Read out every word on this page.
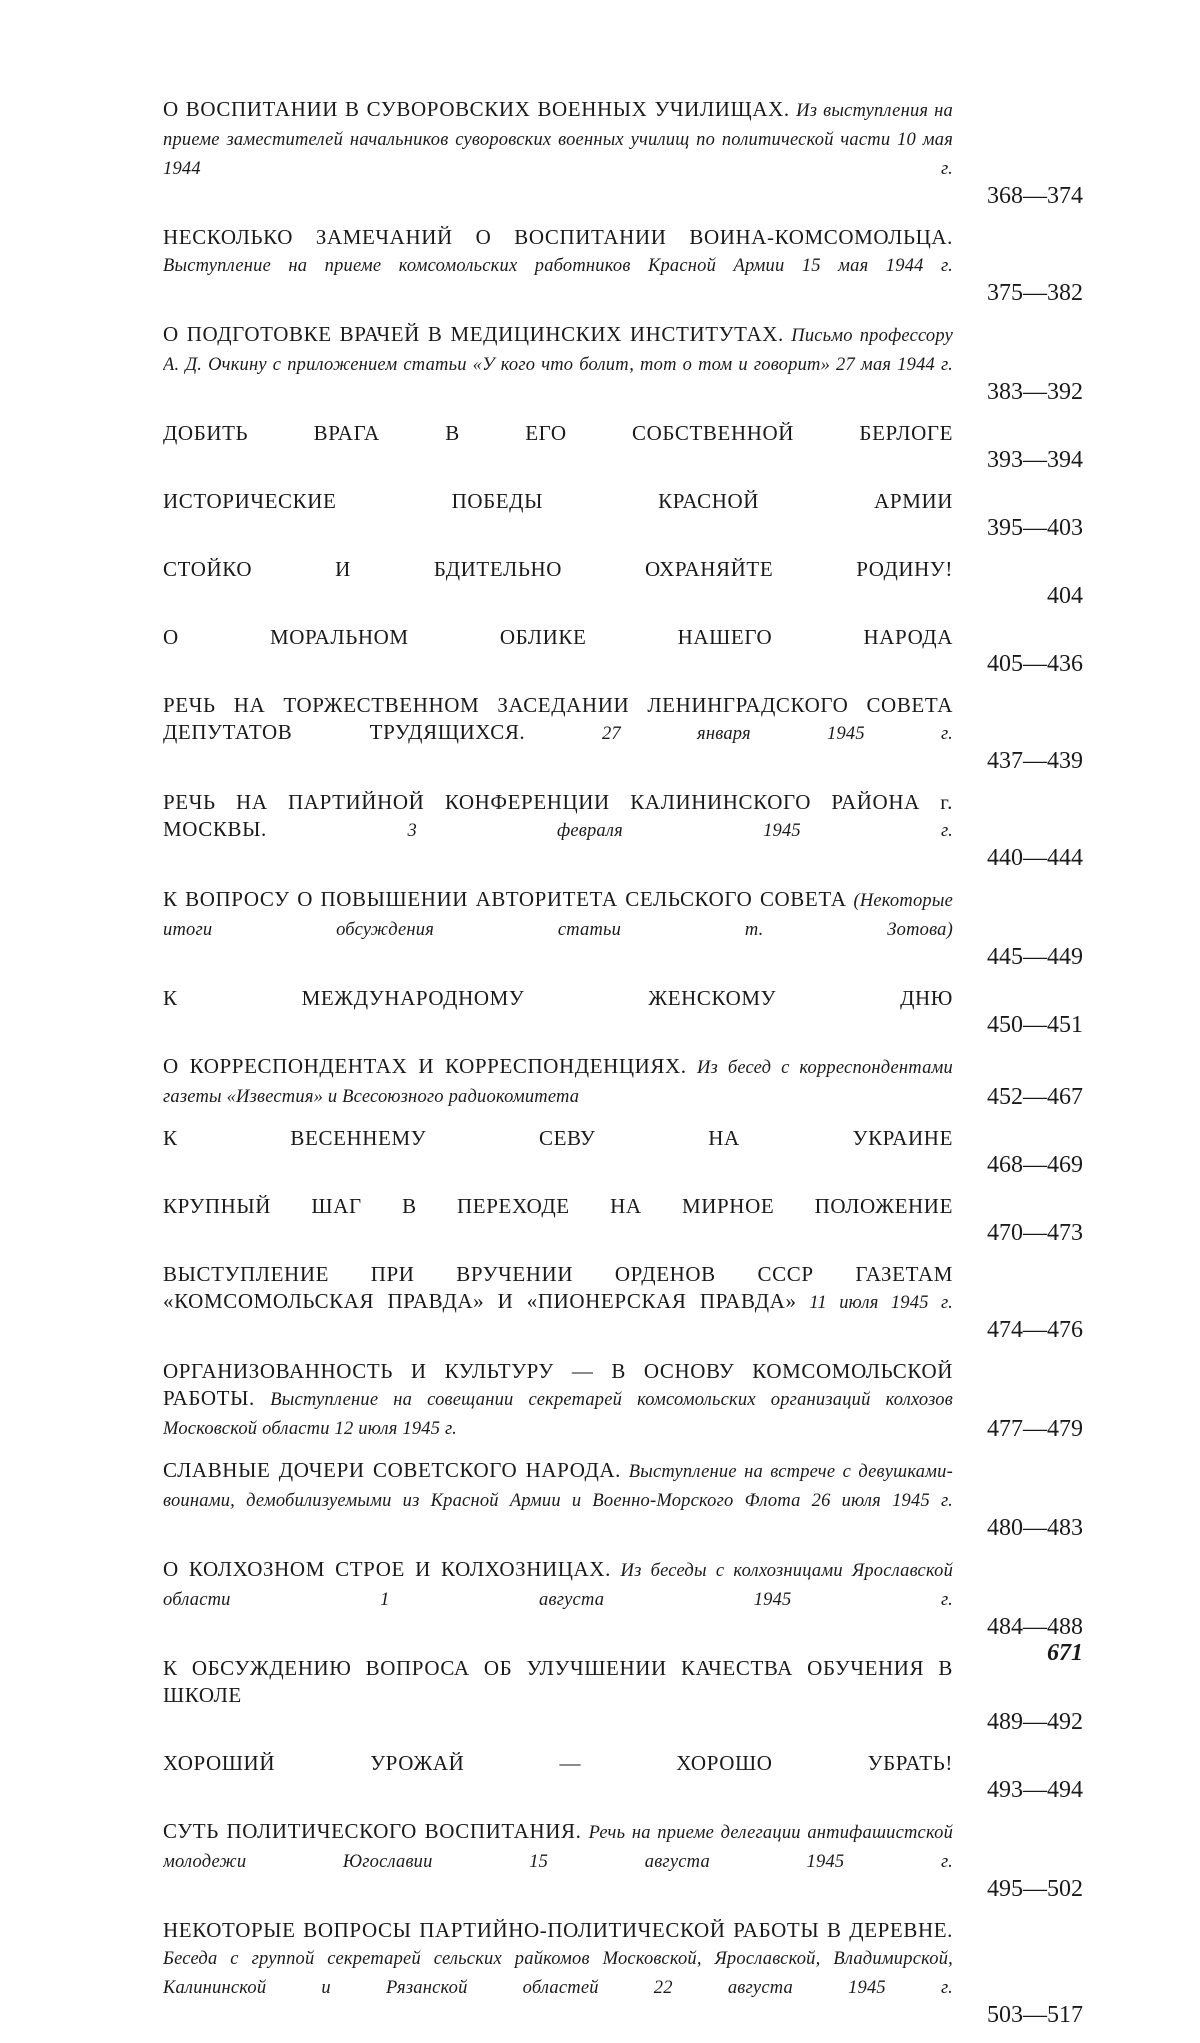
О ВОСПИТАНИИ В СУВОРОВСКИХ ВОЕННЫХ УЧИЛИЩАХ. Из выступления на приеме заместителей начальников суворовских военных училищ по политической части 10 мая 1944 г.
368—374
НЕСКОЛЬКО ЗАМЕЧАНИЙ О ВОСПИТАНИИ ВОИНА-КОМСОМОЛЬЦА. Выступление на приеме комсомольских работников Красной Армии 15 мая 1944 г.
375—382
О ПОДГОТОВКЕ ВРАЧЕЙ В МЕДИЦИНСКИХ ИНСТИТУТАХ. Письмо профессору А. Д. Очкину с приложением статьи «У кого что болит, тот о том и говорит» 27 мая 1944 г.
383—392
ДОБИТЬ ВРАГА В ЕГО СОБСТВЕННОЙ БЕРЛОГЕ
393—394
ИСТОРИЧЕСКИЕ ПОБЕДЫ КРАСНОЙ АРМИИ
395—403
СТОЙКО И БДИТЕЛЬНО ОХРАНЯЙТЕ РОДИНУ!
404
О МОРАЛЬНОМ ОБЛИКЕ НАШЕГО НАРОДА
405—436
РЕЧЬ НА ТОРЖЕСТВЕННОМ ЗАСЕДАНИИ ЛЕНИНГРАДСКОГО СОВЕТА ДЕПУТАТОВ ТРУДЯЩИХСЯ.	27 января 1945 г.
437—439
РЕЧЬ НА ПАРТИЙНОЙ КОНФЕРЕНЦИИ КАЛИНИНСКОГО РАЙОНА г. МОСКВЫ.	3 февраля 1945 г.
440—444
К ВОПРОСУ О ПОВЫШЕНИИ АВТОРИТЕТА СЕЛЬСКОГО СОВЕТА (Некоторые итоги обсуждения статьи т. Зотова)
445—449
К МЕЖДУНАРОДНОМУ ЖЕНСКОМУ ДНЮ
450—451
О КОРРЕСПОНДЕНТАХ И КОРРЕСПОНДЕНЦИЯХ. Из бесед с корреспондентами газеты «Известия» и Всесоюзного радиокомитета	452—467
К ВЕСЕННЕМУ СЕВУ НА УКРАИНЕ
468—469
КРУПНЫЙ ШАГ В ПЕРЕХОДЕ НА МИРНОЕ ПОЛОЖЕНИЕ
470—473
ВЫСТУПЛЕНИЕ ПРИ ВРУЧЕНИИ ОРДЕНОВ СССР ГАЗЕТАМ «КОМСОМОЛЬСКАЯ ПРАВДА» И «ПИОНЕРСКАЯ ПРАВДА» 11 июля 1945 г.
474—476
ОРГАНИЗОВАННОСТЬ И КУЛЬТУРУ — В ОСНОВУ КОМСОМОЛЬСКОЙ РАБОТЫ. Выступление на совещании секретарей комсомольских организаций колхозов Московской области 12 июля 1945 г.	477—479
СЛАВНЫЕ ДОЧЕРИ СОВЕТСКОГО НАРОДА. Выступление на встрече с девушками-воинами, демобилизуемыми из Красной Армии и Военно-Морского Флота 26 июля 1945 г.
480—483
О КОЛХОЗНОМ СТРОЕ И КОЛХОЗНИЦАХ. Из беседы с колхозницами Ярославской области 1 августа 1945 г.
484—488
К ОБСУЖДЕНИЮ ВОПРОСА ОБ УЛУЧШЕНИИ КАЧЕСТВА ОБУЧЕНИЯ В ШКОЛЕ
489—492
ХОРОШИЙ УРОЖАЙ — ХОРОШО УБРАТЬ!
493—494
СУТЬ ПОЛИТИЧЕСКОГО ВОСПИТАНИЯ. Речь на приеме делегации антифашистской молодежи Югославии 15 августа 1945 г.
495—502
НЕКОТОРЫЕ ВОПРОСЫ ПАРТИЙНО-ПОЛИТИЧЕСКОЙ РАБОТЫ В ДЕРЕВНЕ. Беседа с группой секретарей сельских райкомов Московской, Ярославской, Владимирской, Калининской и Рязанской областей 22 августа 1945 г.
503—517
671
